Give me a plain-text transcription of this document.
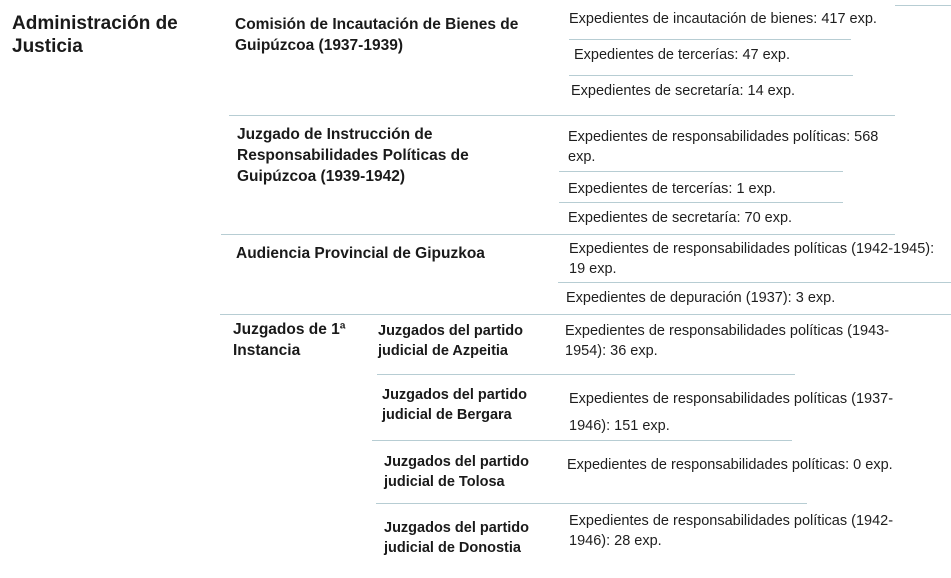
Administración de Justicia
Comisión de Incautación de Bienes de Guipúzcoa (1937-1939)
Expedientes de incautación de bienes: 417 exp.
Expedientes de tercerías: 47 exp.
Expedientes de secretaría: 14 exp.
Juzgado de Instrucción de Responsabilidades Políticas de Guipúzcoa (1939-1942)
Expedientes de responsabilidades políticas: 568 exp.
Expedientes de tercerías: 1 exp.
Expedientes de secretaría: 70 exp.
Audiencia Provincial de Gipuzkoa	Expedientes de responsabilidades políticas (1942-1945): 19 exp.
Expedientes de depuración (1937): 3 exp.
Juzgados de 1ª Instancia
Juzgados del partido judicial de Azpeitia
Expedientes de responsabilidades políticas (1943-1954): 36 exp.
Juzgados del partido judicial de Bergara
Expedientes de responsabilidades políticas (1937-1946): 151 exp.
Juzgados del partido judicial de Tolosa
Expedientes de responsabilidades políticas: 0 exp.
Juzgados del partido judicial de Donostia
Expedientes de responsabilidades políticas (1942-1946): 28 exp.
